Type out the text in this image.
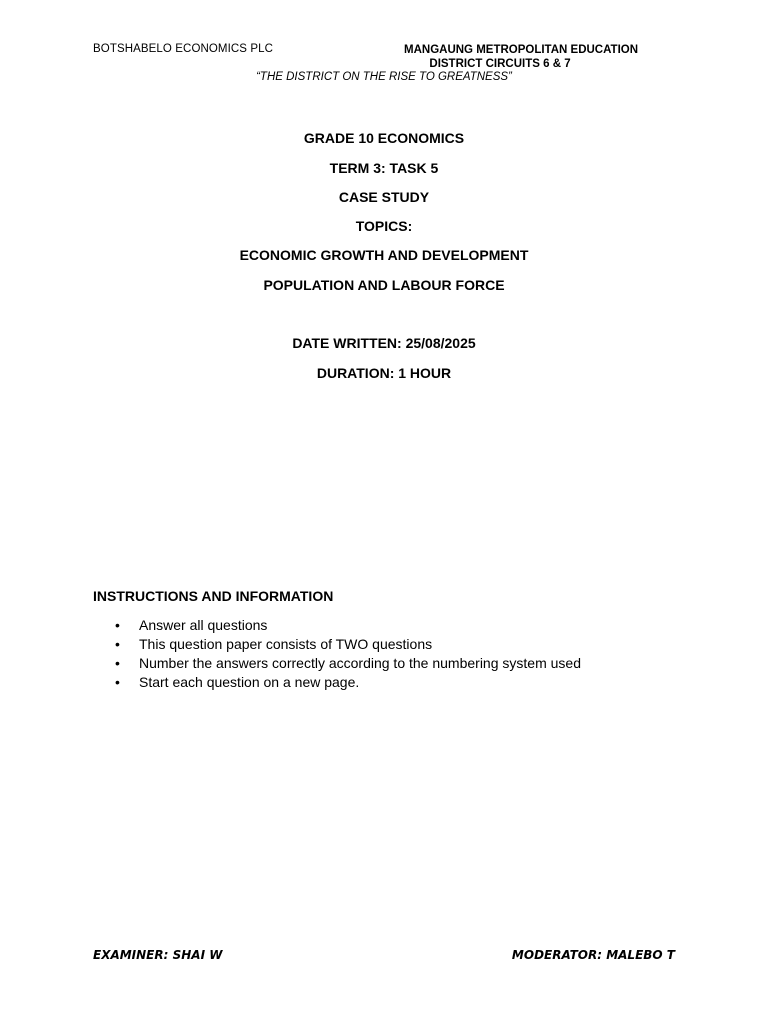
BOTSHABELO ECONOMICS PLC	MANGAUNG METROPOLITAN EDUCATION
DISTRICT CIRCUITS 6 & 7
“THE DISTRICT ON THE RISE TO GREATNESS”
GRADE 10 ECONOMICS
TERM 3: TASK 5
CASE STUDY
TOPICS:
ECONOMIC GROWTH AND DEVELOPMENT
POPULATION AND LABOUR FORCE
DATE WRITTEN: 25/08/2025
DURATION: 1 HOUR
INSTRUCTIONS AND INFORMATION
• Answer all questions
• This question paper consists of TWO questions
• Number the answers correctly according to the numbering system used
• Start each question on a new page.
EXAMINER: SHAI W	MODERATOR: MALEBO T
